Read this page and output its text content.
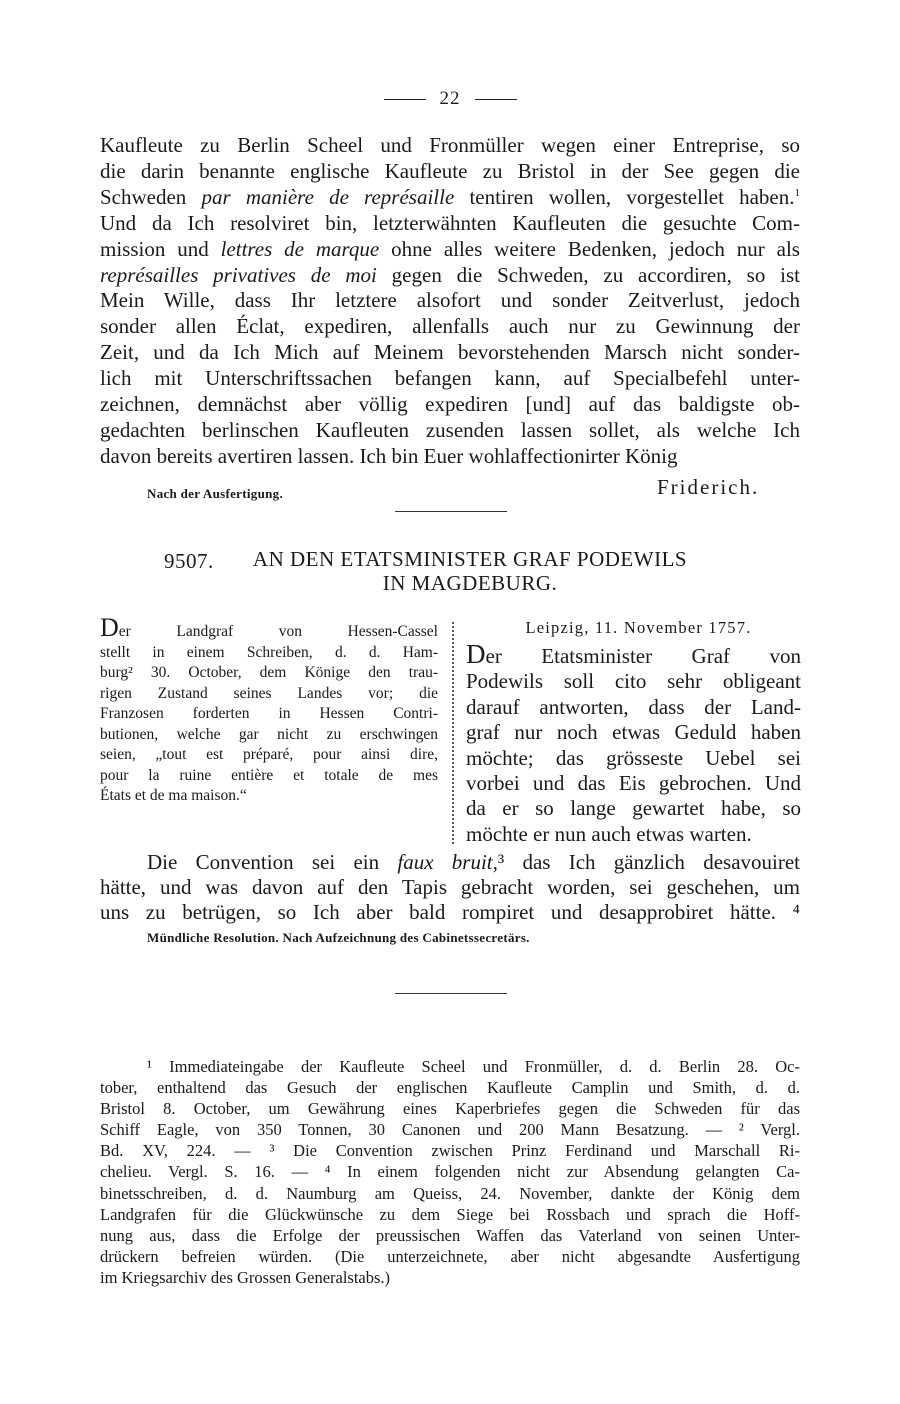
22
Kaufleute zu Berlin Scheel und Fronmüller wegen einer Entreprise, so
die darin benannte englische Kaufleute zu Bristol in der See gegen die
Schweden par manière de représaille tentiren wollen, vorgestellet haben.$^1$
Und da Ich resolviret bin, letzterwähnten Kaufleuten die gesuchte Com-
mission und lettres de marque ohne alles weitere Bedenken, jedoch nur als
représailles privatives de moi gegen die Schweden, zu accordiren, so ist
Mein Wille, dass Ihr letztere alsofort und sonder Zeitverlust, jedoch
sonder allen Éclat, expediren, allenfalls auch nur zu Gewinnung der
Zeit, und da Ich Mich auf Meinem bevorstehenden Marsch nicht sonder-
lich mit Unterschriftssachen befangen kann, auf Specialbefehl unter-
zeichnen, demnächst aber völlig expediren [und] auf das baldigste ob-
gedachten berlinschen Kaufleuten zusenden lassen sollet, als welche Ich
davon bereits avertiren lassen. Ich bin Euer wohlaffectionirter König
Nach der Ausfertigung.	Friderich.
9507.	AN DEN ETATSMINISTER GRAF PODEWILS
IN MAGDEBURG.
Der Landgraf von Hessen-Cassel
stellt in einem Schreiben, d. d. Ham-
burg² 30. October, dem Könige den trau-
rigen Zustand seines Landes vor; die
Franzosen forderten in Hessen Contri-
butionen, welche gar nicht zu erschwingen
seien, „tout est préparé, pour ainsi dire,
pour la ruine entière et totale de mes
États et de ma maison.“
Leipzig, 11. November 1757.
Der Etatsminister Graf von
Podewils soll cito sehr obligeant
darauf antworten, dass der Land-
graf nur noch etwas Geduld haben
möchte; das grösseste Uebel sei
vorbei und das Eis gebrochen. Und
da er so lange gewartet habe, so
möchte er nun auch etwas warten.
Die Convention sei ein faux bruit,³ das Ich gänzlich desavouiret
hätte, und was davon auf den Tapis gebracht worden, sei geschehen, um
uns zu betrügen, so Ich aber bald rompiret und desapprobiret hätte. ⁴
Mündliche Resolution. Nach Aufzeichnung des Cabinetssecretärs.
¹ Immediateingabe der Kaufleute Scheel und Fronmüller, d. d. Berlin 28. Oc-
tober, enthaltend das Gesuch der englischen Kaufleute Camplin und Smith, d. d.
Bristol 8. October, um Gewährung eines Kaperbriefes gegen die Schweden für das
Schiff Eagle, von 350 Tonnen, 30 Canonen und 200 Mann Besatzung. — ² Vergl.
Bd. XV, 224. — ³ Die Convention zwischen Prinz Ferdinand und Marschall Ri-
chelieu. Vergl. S. 16. — ⁴ In einem folgenden nicht zur Absendung gelangten Ca-
binetsschreiben, d. d. Naumburg am Queiss, 24. November, dankte der König dem
Landgrafen für die Glückwünsche zu dem Siege bei Rossbach und sprach die Hoff-
nung aus, dass die Erfolge der preussischen Waffen das Vaterland von seinen Unter-
drückern befreien würden. (Die unterzeichnete, aber nicht abgesandte Ausfertigung
im Kriegsarchiv des Grossen Generalstabs.)
